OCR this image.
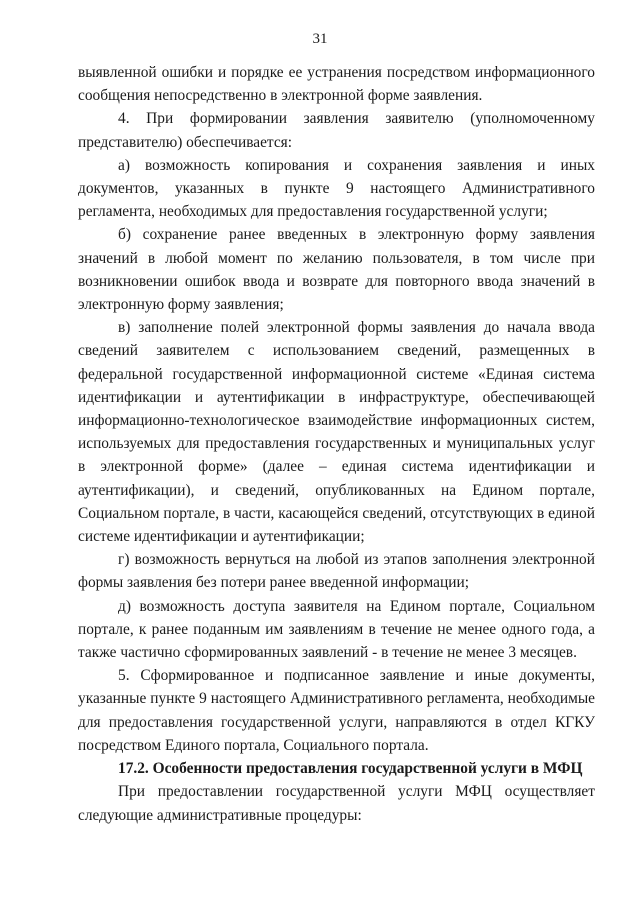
31

выявленной ошибки и порядке ее устранения посредством информационного сообщения непосредственно в электронной форме заявления.

4. При формировании заявления заявителю (уполномоченному представителю) обеспечивается:

а) возможность копирования и сохранения заявления и иных документов, указанных в пункте 9 настоящего Административного регламента, необходимых для предоставления государственной услуги;

б) сохранение ранее введенных в электронную форму заявления значений в любой момент по желанию пользователя, в том числе при возникновении ошибок ввода и возврате для повторного ввода значений в электронную форму заявления;

в) заполнение полей электронной формы заявления до начала ввода сведений заявителем с использованием сведений, размещенных в федеральной государственной информационной системе «Единая система идентификации и аутентификации в инфраструктуре, обеспечивающей информационно-технологическое взаимодействие информационных систем, используемых для предоставления государственных и муниципальных услуг в электронной форме» (далее – единая система идентификации и аутентификации), и сведений, опубликованных на Едином портале, Социальном портале, в части, касающейся сведений, отсутствующих в единой системе идентификации и аутентификации;

г) возможность вернуться на любой из этапов заполнения электронной формы заявления без потери ранее введенной информации;

д) возможность доступа заявителя на Едином портале, Социальном портале, к ранее поданным им заявлениям в течение не менее одного года, а также частично сформированных заявлений - в течение не менее 3 месяцев.

5. Сформированное и подписанное заявление и иные документы, указанные пункте 9 настоящего Административного регламента, необходимые для предоставления государственной услуги, направляются в отдел КГКУ посредством Единого портала, Социального портала.

17.2. Особенности предоставления государственной услуги в МФЦ

При предоставлении государственной услуги МФЦ осуществляет следующие административные процедуры:
